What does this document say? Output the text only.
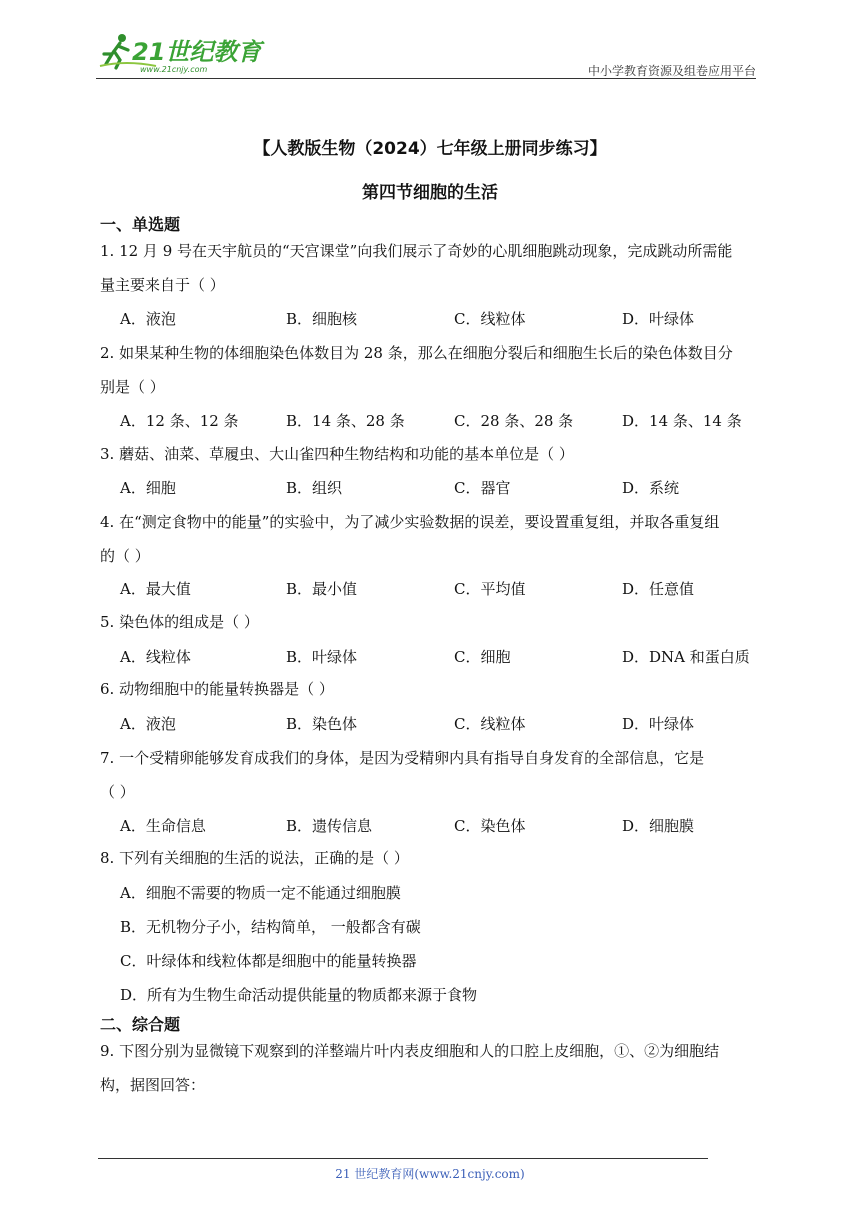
21世纪教育
www.21cnjy.com	中小学教育资源及组卷应用平台
【人教版生物（2024）七年级上册同步练习】
第四节细胞的生活
一、单选题
1. 12 月 9 号在天宇航员的“天宫课堂”向我们展示了奇妙的心肌细胞跳动现象，完成跳动所需能
量主要来自于（ ）
A．液泡	B．细胞核	C．线粒体	D．叶绿体
2. 如果某种生物的体细胞染色体数目为 28 条，那么在细胞分裂后和细胞生长后的染色体数目分
别是（ ）
A．12 条、12 条	B．14 条、28 条	C．28 条、28 条	D．14 条、14 条
3. 蘑菇、油菜、草履虫、大山雀四种生物结构和功能的基本单位是（ ）
A．细胞	B．组织	C．器官	D．系统
4. 在“测定食物中的能量”的实验中，为了减少实验数据的误差，要设置重复组，并取各重复组
的（ ）
A．最大值	B．最小值	C．平均值	D．任意值
5. 染色体的组成是（ ）
A．线粒体	B．叶绿体	C．细胞	D．DNA 和蛋白质
6. 动物细胞中的能量转换器是（ ）
A．液泡	B．染色体	C．线粒体	D．叶绿体
7. 一个受精卵能够发育成我们的身体，是因为受精卵内具有指导自身发育的全部信息，它是
（ ）
A．生命信息	B．遗传信息	C．染色体	D．细胞膜
8. 下列有关细胞的生活的说法，正确的是（ ）
A．细胞不需要的物质一定不能通过细胞膜
B．无机物分子小，结构简单， 一般都含有碳
C．叶绿体和线粒体都是细胞中的能量转换器
D．所有为生物生命活动提供能量的物质都来源于食物
二、综合题
9. 下图分别为显微镜下观察到的洋整端片叶内表皮细胞和人的口腔上皮细胞，①、②为细胞结
构，据图回答：
21 世纪教育网(www.21cnjy.com)
